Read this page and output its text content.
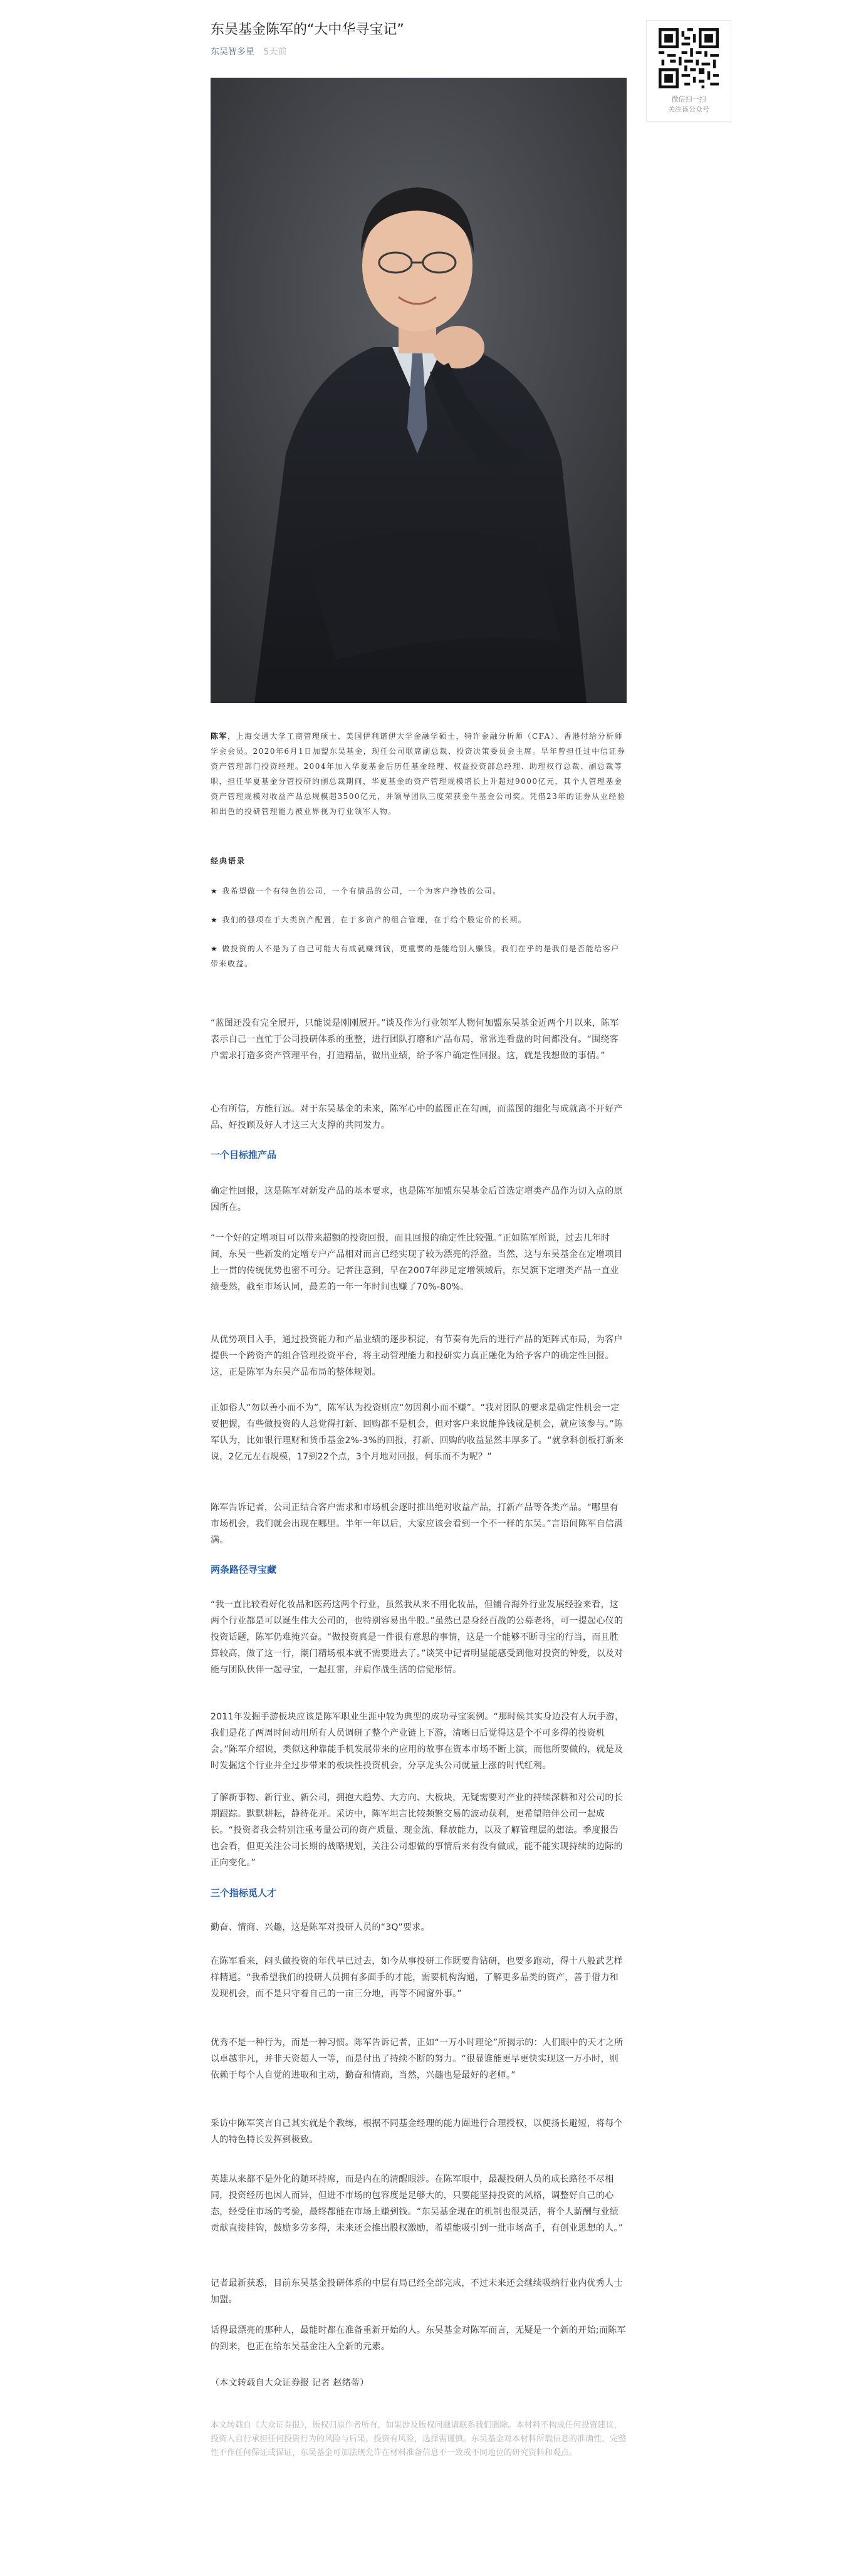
微信扫一扫
关注该公众号
东吴基金陈军的“大中华寻宝记”
东吴智多星 5天前
陈军，上海交通大学工商管理硕士、美国伊利诺伊大学金融学硕士，特许金融分析师（CFA）、香港付给分析师学会会员。2020年6月1日加盟东吴基金，现任公司联席副总裁、投资决策委员会主席。早年曾担任过中信证券资产管理部门投资经理。2004年加入华夏基金后历任基金经理、权益投资部总经理、助理权行总裁、副总裁等职，担任华夏基金分管投研的副总裁期间，华夏基金的资产管理规模增长上升超过9000亿元，其个人管理基金资产管理规模对收益产品总规模超3500亿元，并领导团队三度荣获金牛基金公司奖。凭借23年的证券从业经验和出色的投研管理能力被业界视为行业领军人物。
经典语录
★ 我希望做一个有特色的公司，一个有情品的公司，一个为客户挣钱的公司。
★ 我们的强项在于大类资产配置，在于多资产的组合管理，在于给个股定价的长期。
★ 做投资的人不是为了自己可能大有成就赚到钱，更重要的是能给别人赚钱，我们在乎的是我们是否能给客户带来收益。

“蓝图还没有完全展开，只能说是刚刚展开。”谈及作为行业领军人物何加盟东吴基金近两个月以来，陈军表示自己一直忙于公司投研体系的重整，进行团队打磨和产品布局，常常连看盘的时间都没有。“围绕客户需求打造多资产管理平台，打造精品，做出业绩，给予客户确定性回报。这，就是我想做的事情。”

心有所信，方能行远。对于东吴基金的未来，陈军心中的蓝图正在勾画，而蓝图的细化与成就离不开好产品、好投顾及好人才这三大支撑的共同发力。

一个目标推产品

确定性回报，这是陈军对新发产品的基本要求，也是陈军加盟东吴基金后首选定增类产品作为切入点的原因所在。

“一个好的定增项目可以带来超额的投资回报，而且回报的确定性比较强。”正如陈军所说，过去几年时间，东吴一些新发的定增专户产品相对而言已经实现了较为漂亮的浮盈。当然，这与东吴基金在定增项目上一贯的传统优势也密不可分。记者注意到，早在2007年涉足定增领域后，东吴旗下定增类产品一直业绩斐然，截至市场认同，最差的一年一年时间也赚了70%-80%。

从优势项目入手，通过投资能力和产品业绩的逐步积淀，有节奏有先后的进行产品的矩阵式布局，为客户提供一个跨资产的组合管理投资平台，将主动管理能力和投研实力真正融化为给予客户的确定性回报。这，正是陈军为东吴产品布局的整体规划。

正如俗人“勿以善小而不为”，陈军认为投资则应“勿因利小而不赚”。“我对团队的要求是确定性机会一定要把握，有些做投资的人总觉得打新、回购都不是机会，但对客户来说能挣钱就是机会，就应该参与。”陈军认为，比如银行理财和货币基金2%-3%的回报，打新、回购的收益显然丰厚多了。“就拿科创板打新来说，2亿元左右规模，17到22个点，3个月地对回报，何乐而不为呢？”

陈军告诉记者，公司正结合客户需求和市场机会逐时推出绝对收益产品，打新产品等各类产品。“哪里有市场机会，我们就会出现在哪里。半年一年以后，大家应该会看到一个不一样的东吴。”言语间陈军自信满满。

两条路径寻宝藏

“我一直比较看好化妆品和医药这两个行业，虽然我从来不用化妆品，但铺合海外行业发展经验来看，这两个行业都是可以诞生伟大公司的，也特别容易出牛股。”虽然已是身经百战的公募老将，可一提起心仪的投资话题，陈军仍难掩兴奋。“做投资真是一件很有意思的事情，这是一个能够不断寻宝的行当，而且胜算较高，做了这一行，潮门精场根本就不需要进去了。”谈笑中记者明显能感受到他对投资的钟爱，以及对能与团队伙伴一起寻宝，一起扛雷，并肩作战生活的信觉形情。

2011年发掘手游板块应该是陈军职业生涯中较为典型的成功寻宝案例。“那时候其实身边没有人玩手游，我们是花了两周时间动用所有人员调研了整个产业链上下游，清晰日后觉得这是个不可多得的投资机会。”陈军介绍说，类似这种靠能手机发展带来的应用的故事在资本市场不断上演，而他所要做的，就是及时发掘这个行业并全过步带来的板块性投资机会，分享龙头公司就量上涨的时代红利。

了解新事物、新行业、新公司，拥抱大趋势、大方向、大板块，无疑需要对产业的持续深耕和对公司的长期跟踪。默默耕耘，静待花开。采访中，陈军坦言比较频繁交易的波动获利，更希望陪伴公司一起成长。“投资者我会特别注重考量公司的资产质量、现金流、释放能力，以及了解管理层的想法。季度报告也会看，但更关注公司长期的战略规划，关注公司想做的事情后来有没有做成，能不能实现持续的边际的正向变化。”

三个指标觅人才

勤奋、情商、兴趣，这是陈军对投研人员的“3Q”要求。

在陈军看来，闷头做投资的年代早已过去，如今从事投研工作既要肯钻研，也要多跑动，得十八般武艺样样精通。“我希望我们的投研人员拥有多面手的才能，需要机构沟通，了解更多品类的资产，善于借力和发现机会，而不是只守着自己的一亩三分地，再等不闻窗外事。”

优秀不是一种行为，而是一种习惯。陈军告诉记者，正如“一万小时理论”所揭示的：人们眼中的天才之所以卓越非凡，并非天资超人一等，而是付出了持续不断的努力。“很显谁能更早更快实现这一万小时，则依赖于每个人自觉的进取和主动，勤奋和情商，当然，兴趣也是最好的老师。”

采访中陈军笑言自己其实就是个教练，根据不同基金经理的能力圈进行合理授权，以便扬长避短，将每个人的特色特长发挥到极致。

英雄从来都不是外化的随环持席，而是内在的清醒眼涉。在陈军眼中，最凝投研人员的成长路径不尽相同，投资经历也因人而异，但进不市场的包容度是足够大的，只要能坚持投资的风格，调整好自己的心态，经受住市场的考验，最终都能在市场上赚到钱。“东吴基金现在的机制也很灵活，将个人薪酬与业绩贡献直接挂钩，鼓励多劳多得，未来还会推出股权激励，希望能吸引到一批市场高手，有创业思想的人。”

记者最新获悉，目前东吴基金投研体系的中层有局已经全部完成，不过未来还会继续吸纳行业内优秀人士加盟。

话得最漂亮的那种人，最能时都在准备重新开始的人。东吴基金对陈军而言，无疑是一个新的开始;而陈军的到来，也正在给东吴基金注入全新的元素。

（本文转载自大众证券报 记者 赵绪蒂）

本文转载自《大众证券报》，版权归原作者所有，如果涉及版权问题请联系我们删除。本材料不构成任何投资建议，投资人自行承担任何投资行为的风险与后果。投资有风险，选择需谨慎。东吴基金对本材料所载信息的准确性、完整性不作任何保证或保证，东吴基金可加法规允许在材料准备信息不一致或不同地位的研究资料和观点。
